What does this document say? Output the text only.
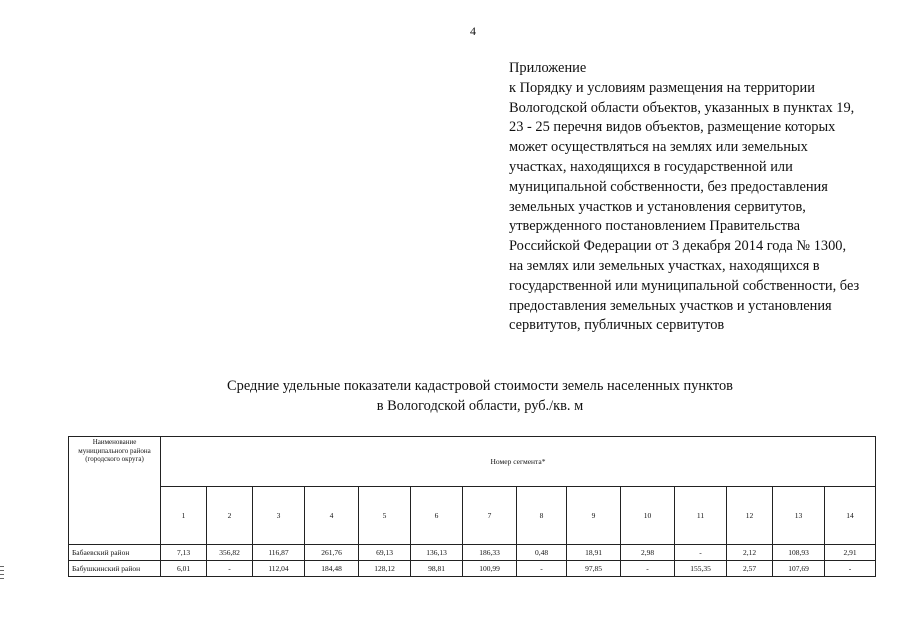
4
Приложение
к Порядку и условиям размещения на территории
Вологодской области объектов, указанных в пунктах 19,
23 - 25 перечня видов объектов, размещение которых
может осуществляться на землях или земельных
участках, находящихся в государственной или
муниципальной собственности, без предоставления
земельных участков и установления сервитутов,
утвержденного постановлением Правительства
Российской Федерации от 3 декабря 2014 года № 1300,
на землях или земельных участках, находящихся в
государственной или муниципальной собственности, без
предоставления земельных участков и установления
сервитутов, публичных сервитутов
Средние удельные показатели кадастровой стоимости земель населенных пунктов
в Вологодской области, руб./кв. м
Наименование муниципального района (городского округа)	Номер сегмента*													
	1	2	3	4	5	6	7	8	9	10	11	12	13	14
Бабаевский район	7,13	356,82	116,87	261,76	69,13	136,13	186,33	0,48	18,91	2,98	-	2,12	108,93	2,91
Бабушкинский район	6,01	-	112,04	184,48	128,12	98,81	100,99	-	97,85	-	155,35	2,57	107,69	-
